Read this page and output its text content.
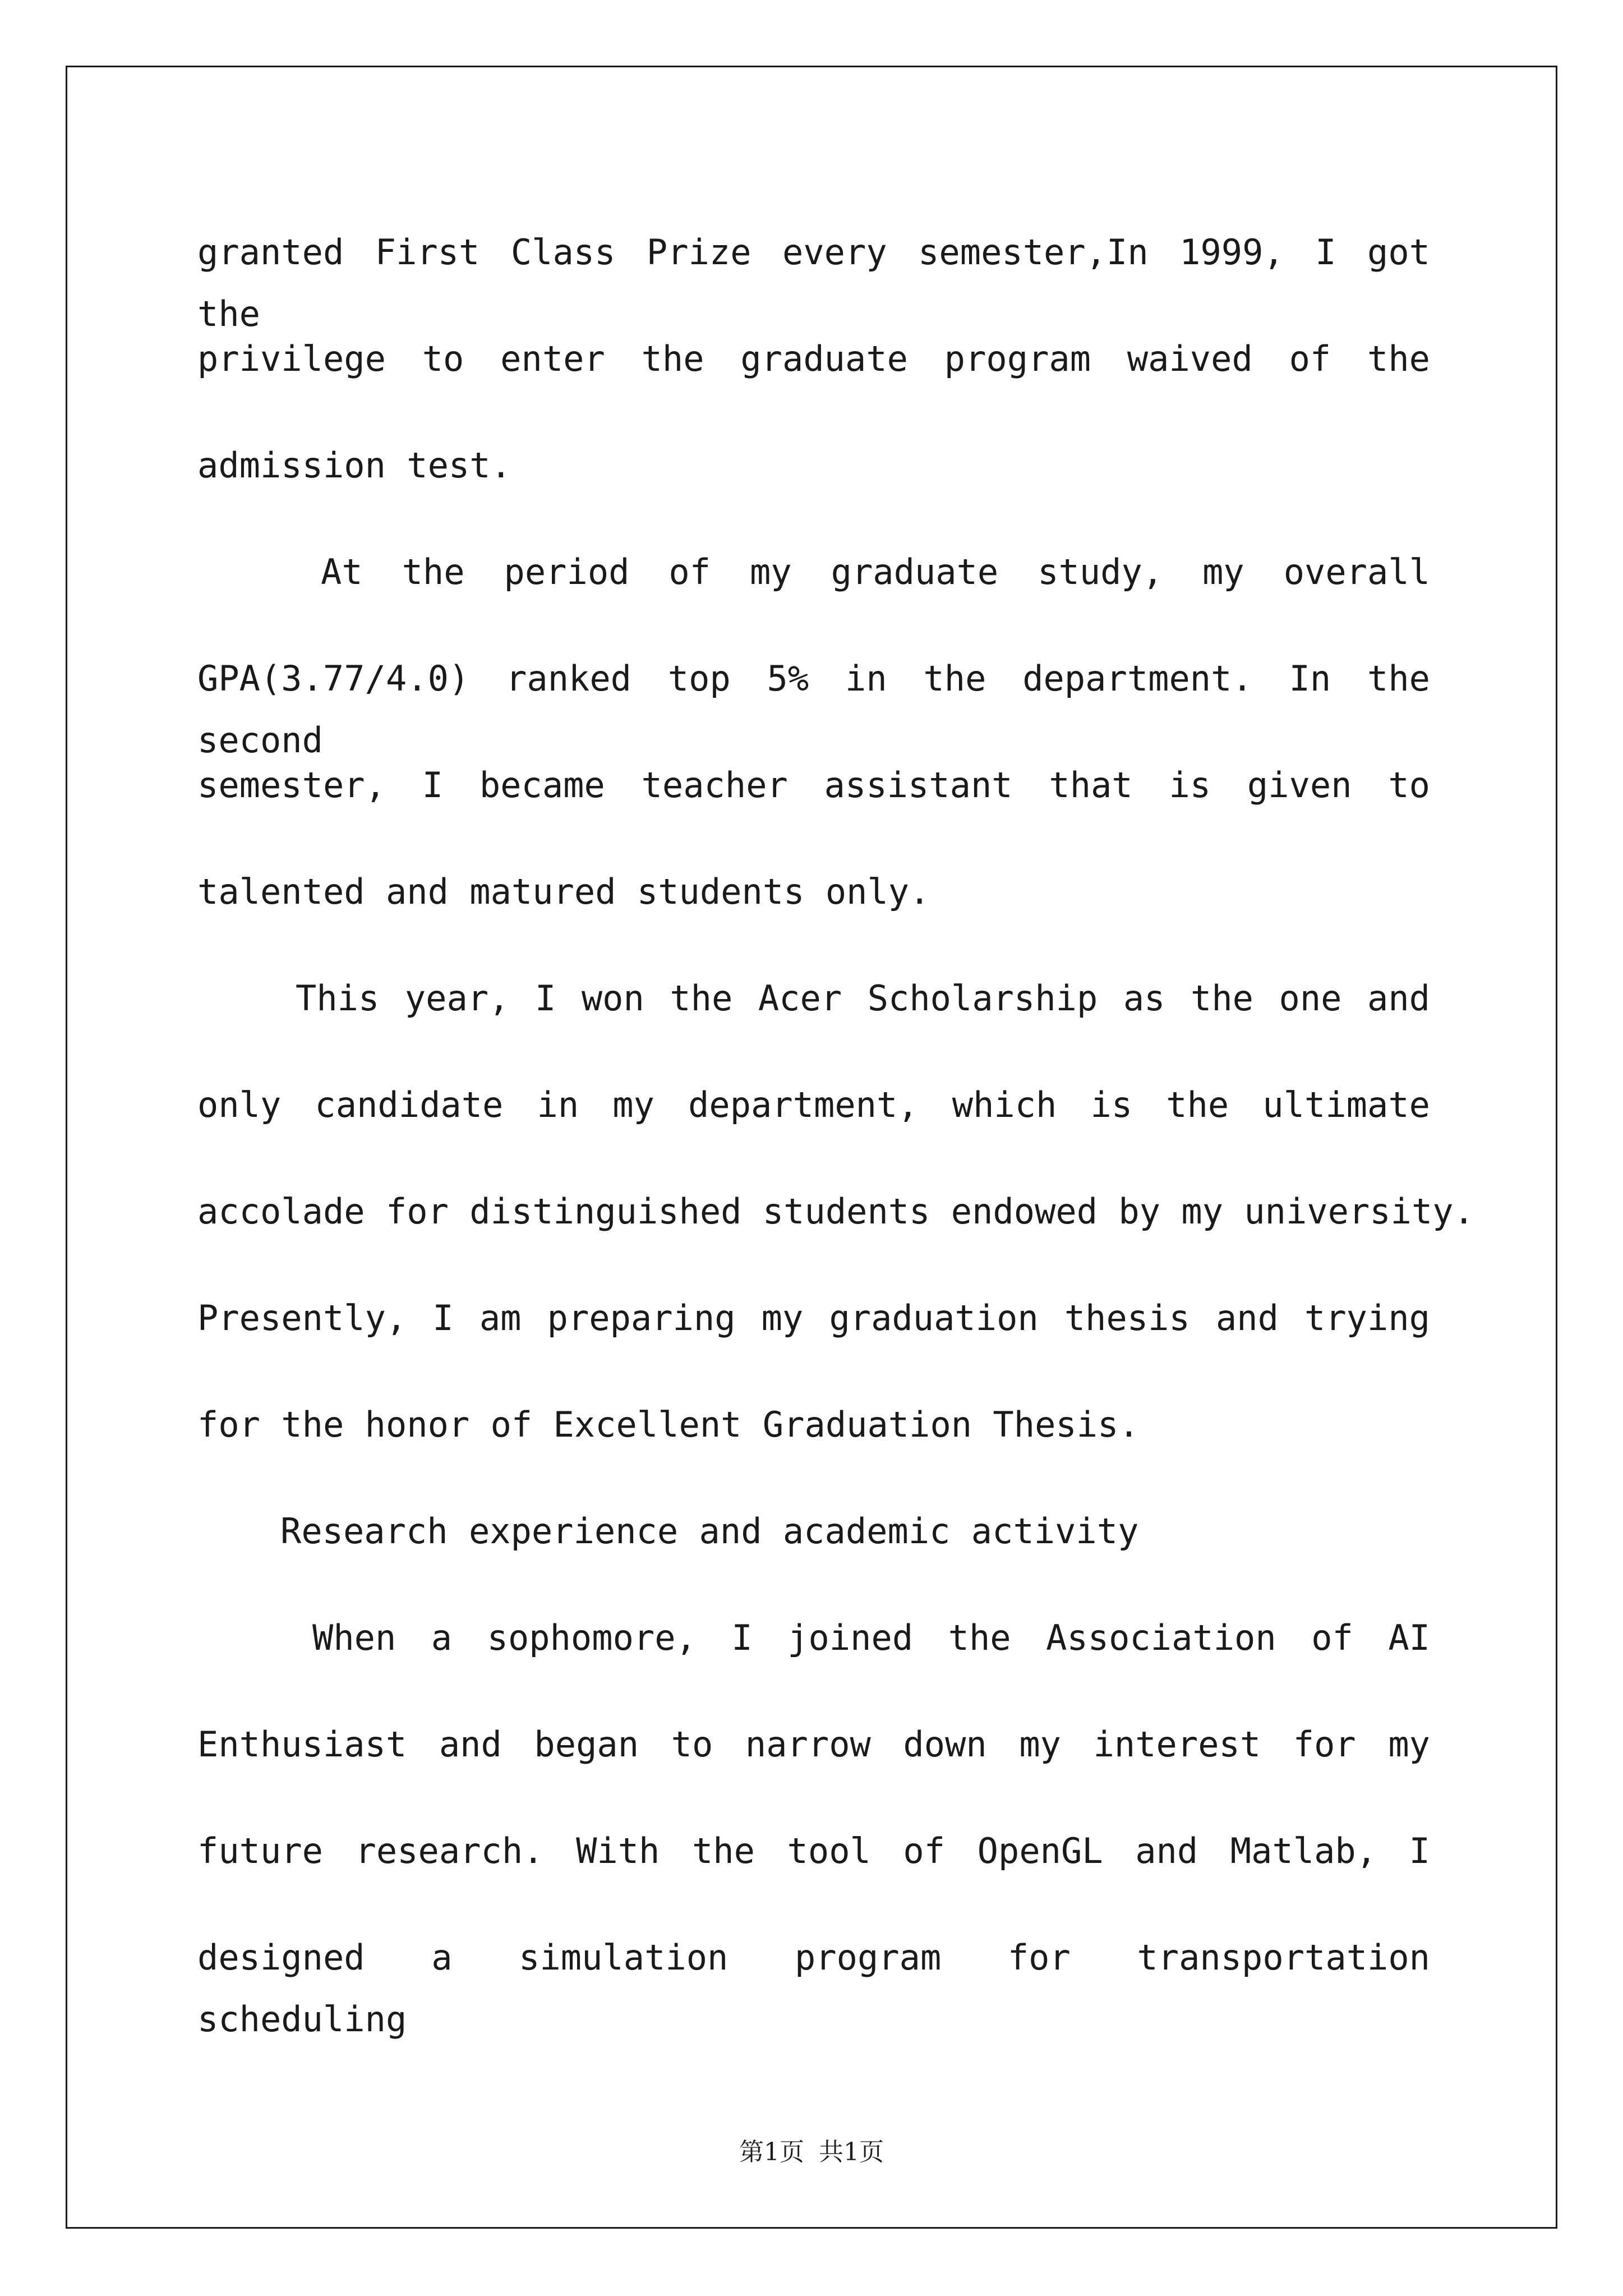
granted First Class Prize every semester,In 1999, I got the
privilege to enter the graduate program waived of the
admission test.
At the period of my graduate study, my overall
GPA(3.77/4.0) ranked top 5% in the department. In the second
semester, I became teacher assistant that is given to
talented and matured students only.
This year, I won the Acer Scholarship as the one and
only candidate in my department, which is the ultimate
accolade for distinguished students endowed by my university.
Presently, I am preparing my graduation thesis and trying
for the honor of Excellent Graduation Thesis.
Research experience and academic activity
When a sophomore, I joined the Association of AI
Enthusiast and began to narrow down my interest for my
future research. With the tool of OpenGL and Matlab, I
designed a simulation program for transportation scheduling
第1页 共1页
